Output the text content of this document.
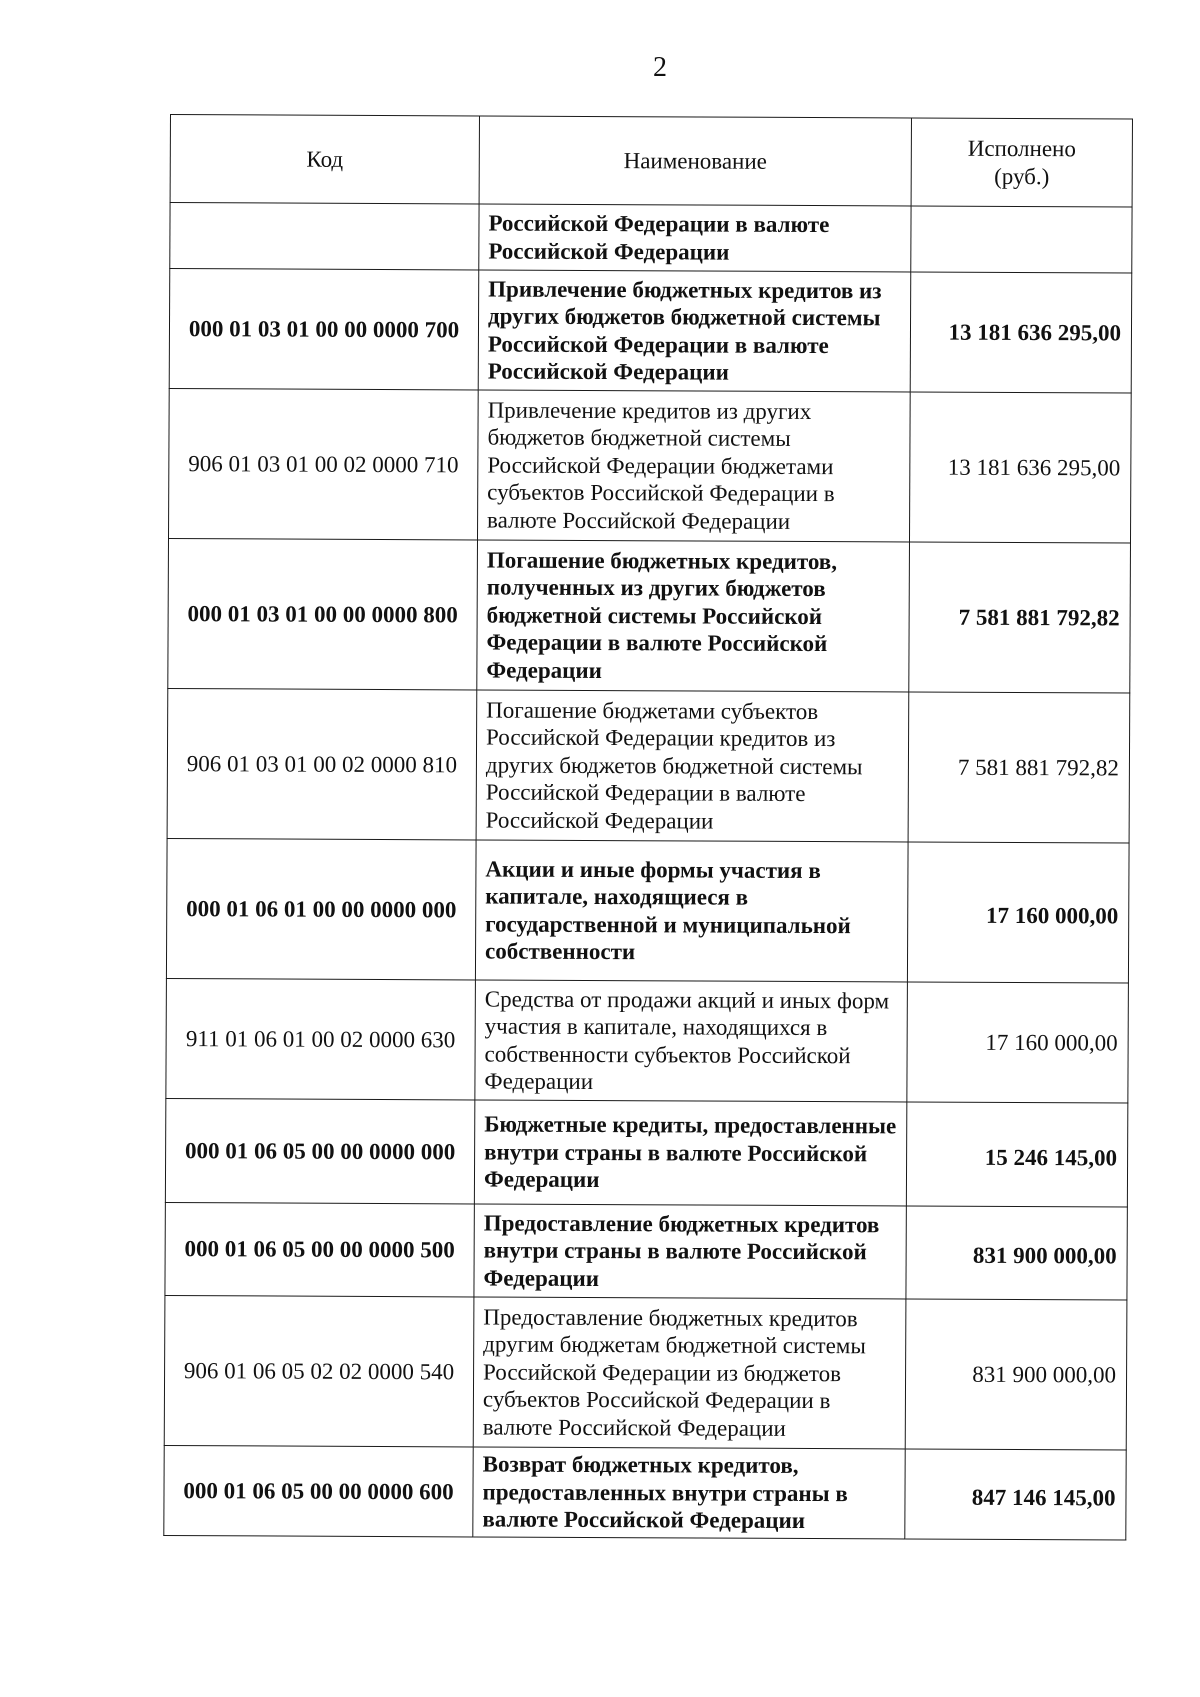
2
Код	Наименование	Исполнено
(руб.)
	Российской Федерации в валюте Российской Федерации	
000 01 03 01 00 00 0000 700	Привлечение бюджетных кредитов из других бюджетов бюджетной системы Российской Федерации в валюте Российской Федерации	13 181 636 295,00
906 01 03 01 00 02 0000 710	Привлечение кредитов из других бюджетов бюджетной системы Российской Федерации бюджетами субъектов Российской Федерации в валюте Российской Федерации	13 181 636 295,00
000 01 03 01 00 00 0000 800	Погашение бюджетных кредитов, полученных из других бюджетов бюджетной системы Российской Федерации в валюте Российской Федерации	7 581 881 792,82
906 01 03 01 00 02 0000 810	Погашение бюджетами субъектов Российской Федерации кредитов из других бюджетов бюджетной системы Российской Федерации в валюте Российской Федерации	7 581 881 792,82
000 01 06 01 00 00 0000 000	Акции и иные формы участия в капитале, находящиеся в государственной и муниципальной собственности	17 160 000,00
911 01 06 01 00 02 0000 630	Средства от продажи акций и иных форм участия в капитале, находящихся в собственности субъектов Российской Федерации	17 160 000,00
000 01 06 05 00 00 0000 000	Бюджетные кредиты, предоставленные внутри страны в валюте Российской Федерации	15 246 145,00
000 01 06 05 00 00 0000 500	Предоставление бюджетных кредитов внутри страны в валюте Российской Федерации	831 900 000,00
906 01 06 05 02 02 0000 540	Предоставление бюджетных кредитов другим бюджетам бюджетной системы Российской Федерации из бюджетов субъектов Российской Федерации в валюте Российской Федерации	831 900 000,00
000 01 06 05 00 00 0000 600	Возврат бюджетных кредитов, предоставленных внутри страны в валюте Российской Федерации	847 146 145,00
